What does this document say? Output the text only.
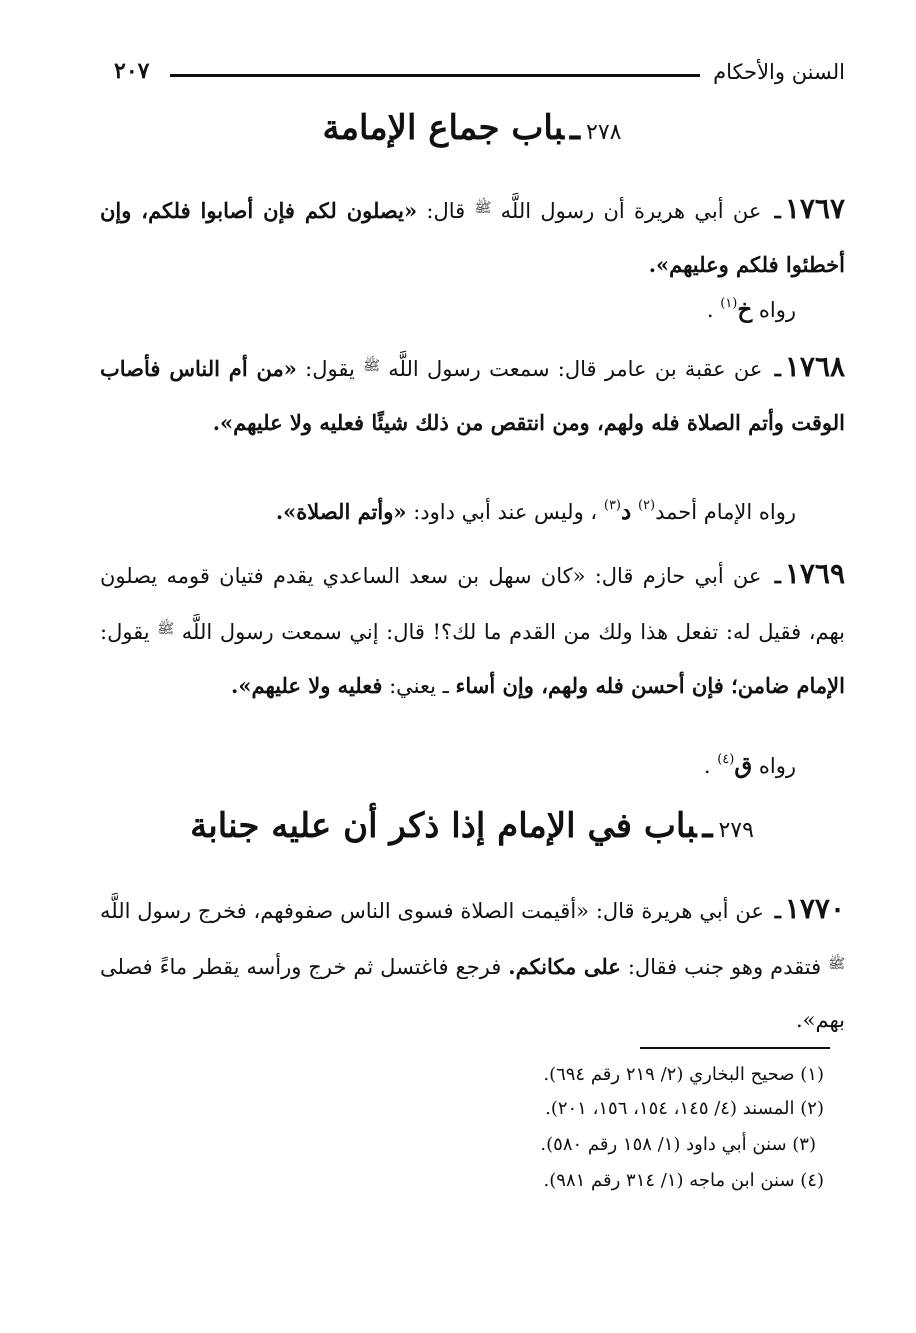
السنن والأحكام
٢٠٧
٢٧٨ـباب جماع الإمامة
١٧٦٧ـ عن أبي هريرة أن رسول اللَّه $^ﷺ$ قال: «يصلون لكم فإن أصابوا فلكم، وإن أخطئوا فلكم وعليهم».
رواه خ$^{(١)}$ .
١٧٦٨ـ عن عقبة بن عامر قال: سمعت رسول اللَّه $^ﷺ$ يقول: «من أم الناس فأصاب الوقت وأتم الصلاة فله ولهم، ومن انتقص من ذلك شيئًا فعليه ولا عليهم».
رواه الإمام أحمد$^{(٢)}$ د$^{(٣)}$ ، وليس عند أبي داود: «وأتم الصلاة».
١٧٦٩ـ عن أبي حازم قال: «كان سهل بن سعد الساعدي يقدم فتيان قومه يصلون بهم، فقيل له: تفعل هذا ولك من القدم ما لك؟! قال: إني سمعت رسول اللَّه $^ﷺ$ يقول: الإمام ضامن؛ فإن أحسن فله ولهم، وإن أساء ـ يعني: فعليه ولا عليهم».
رواه ق$^{(٤)}$ .
٢٧٩ـباب في الإمام إذا ذكر أن عليه جنابة
١٧٧٠ـ عن أبي هريرة قال: «أقيمت الصلاة فسوى الناس صفوفهم، فخرج رسول اللَّه $^ﷺ$ فتقدم وهو جنب فقال: على مكانكم. فرجع فاغتسل ثم خرج ورأسه يقطر ماءً فصلى بهم».
(١) صحيح البخاري (٢/ ٢١٩ رقم ٦٩٤).
(٢) المسند (٤/ ١٤٥، ١٥٤، ١٥٦، ٢٠١).
(٣) سنن أبي داود (١/ ١٥٨ رقم ٥٨٠).
(٤) سنن ابن ماجه (١/ ٣١٤ رقم ٩٨١).
